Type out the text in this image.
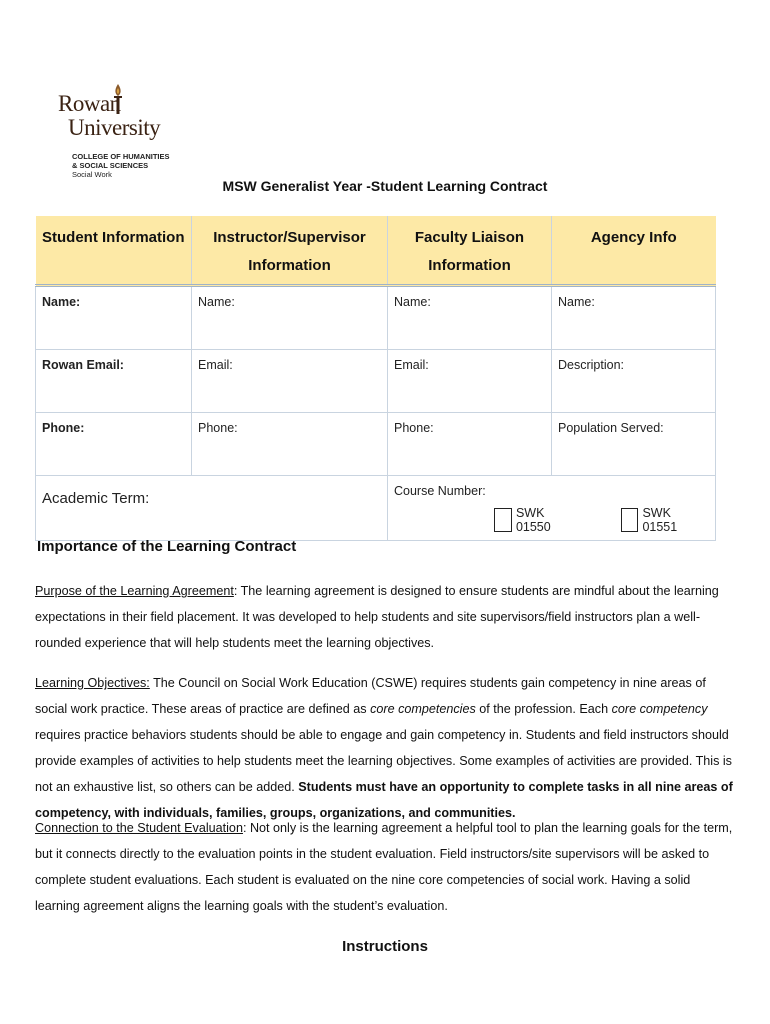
Rowan
University
COLLEGE OF HUMANITIES
& SOCIAL SCIENCES
Social Work
MSW Generalist Year -Student Learning Contract
Student Information	Instructor/Supervisor Information	Faculty Liaison Information	Agency Info
Name:	Name:	Name:	Name:
Rowan Email:	Email:	Email:	Description:
Phone:	Phone:	Phone:	Population Served:
Academic Term:		Course Number:
SWK 01550
SWK 01551	
Importance of the Learning Contract
Purpose of the Learning Agreement: The learning agreement is designed to ensure students are mindful about the learning expectations in their field placement. It was developed to help students and site supervisors/field instructors plan a well-rounded experience that will help students meet the learning objectives.
Learning Objectives: The Council on Social Work Education (CSWE) requires students gain competency in nine areas of social work practice. These areas of practice are defined as core competencies of the profession. Each core competency requires practice behaviors students should be able to engage and gain competency in. Students and field instructors should provide examples of activities to help students meet the learning objectives. Some examples of activities are provided. This is not an exhaustive list, so others can be added. Students must have an opportunity to complete tasks in all nine areas of competency, with individuals, families, groups, organizations, and communities.
Connection to the Student Evaluation: Not only is the learning agreement a helpful tool to plan the learning goals for the term, but it connects directly to the evaluation points in the student evaluation. Field instructors/site supervisors will be asked to complete student evaluations. Each student is evaluated on the nine core competencies of social work. Having a solid learning agreement aligns the learning goals with the student’s evaluation.
Instructions
